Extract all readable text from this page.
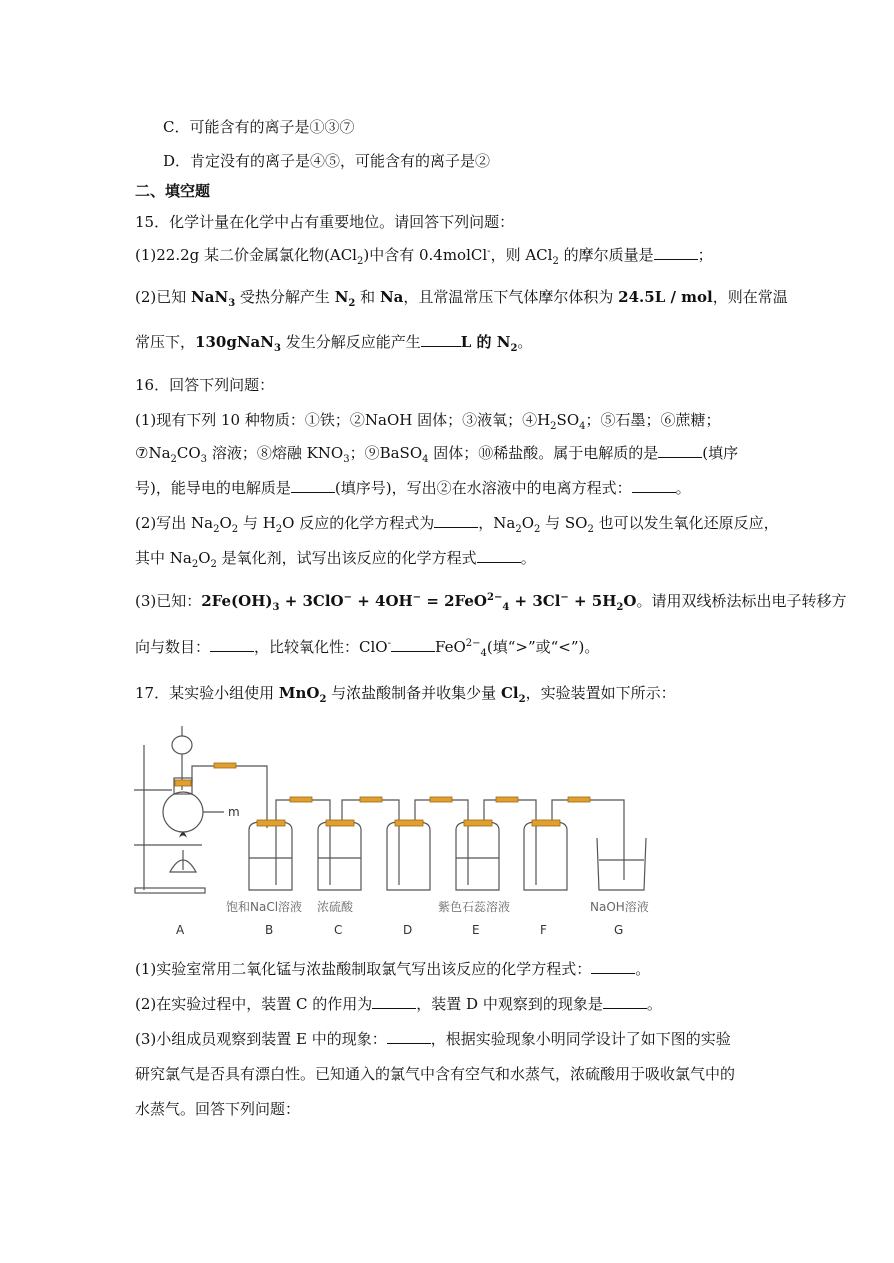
C．可能含有的离子是①③⑦
D．肯定没有的离子是④⑤，可能含有的离子是②
二、填空题
15．化学计量在化学中占有重要地位。请回答下列问题：
(1)22.2g 某二价金属氯化物(ACl$_2$)中含有 0.4molCl-，则 ACl$_2$ 的摩尔质量是	；
(2)已知 NaN$_3$ 受热分解产生 $N_2$ 和 Na，且常温常压下气体摩尔体积为 24.5L / mol，则在常温
常压下，130gNaN$_3$ 发生分解反应能产生	L 的 $N_2$。
16．回答下列问题：
(1)现有下列 10 种物质：①铁；②NaOH 固体；③液氧；$④H_2SO_4$；⑤石墨；⑥蔗糖；
$⑦Na_2CO_3$ 溶液；⑧熔融 $KNO_3$；⑨BaSO$_4$ 固体；⑩稀盐酸。属于电解质的是	(填序
号)，能导电的电解质是	(填序号)，写出②在水溶液中的电离方程式：	。
(2)写出 $Na_2O_2$ 与 $H_2O$ 反应的化学方程式为	，$Na_2O_2$ 与 $SO_2$ 也可以发生氧化还原反应，
其中 $Na_2O_2$ 是氧化剂，试写出该反应的化学方程式	。
(3)已知：$2Fe(OH)_3 + 3ClO^- + 4OH^- = 2FeO^{2-}_4 + 3Cl^- + 5H_2O$。请用双线桥法标出电子转移方
向与数目：	，比较氧化性：ClO-	FeO$^{2-}_4$(填“>”或“<”)。
17．某实验小组使用 MnO$_2$ 与浓盐酸制备并收集少量 $Cl_2$，实验装置如下所示：
m
饱和NaCl溶液 浓硫酸	紫色石蕊溶液	NaOH溶液
A	B	C	D	E	F	G
(1)实验室常用二氧化锰与浓盐酸制取氯气写出该反应的化学方程式：	。
(2)在实验过程中，装置 C 的作用为	，装置 D 中观察到的现象是	。
(3)小组成员观察到装置 E 中的现象：	，根据实验现象小明同学设计了如下图的实验
研究氯气是否具有漂白性。已知通入的氯气中含有空气和水蒸气，浓硫酸用于吸收氯气中的
水蒸气。回答下列问题：
